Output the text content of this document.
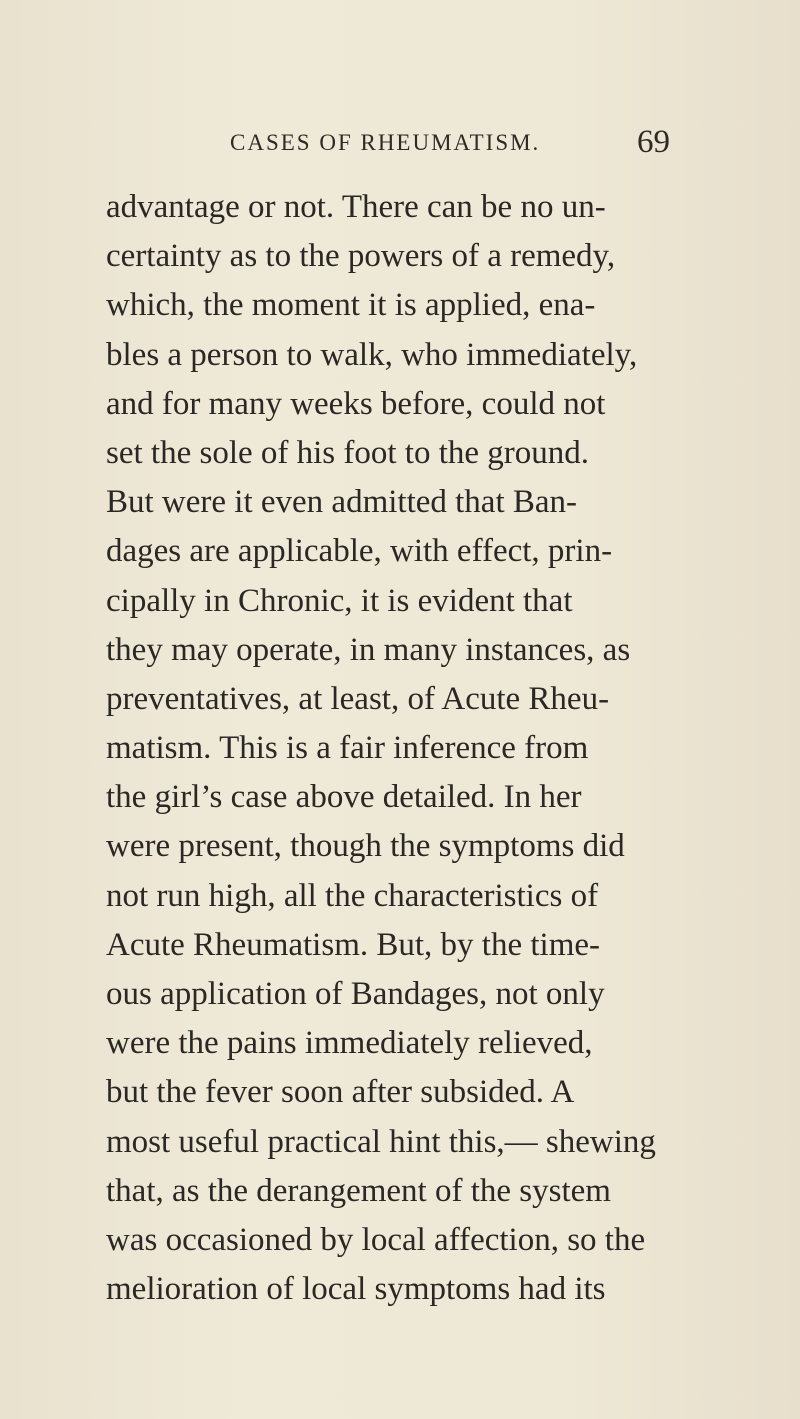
CASES OF RHEUMATISM.	69
advantage or not. There can be no un-
certainty as to the powers of a remedy,
which, the moment it is applied, ena-
bles a person to walk, who immediately,
and for many weeks before, could not
set the sole of his foot to the ground.
But were it even admitted that Ban-
dages are applicable, with effect, prin-
cipally in Chronic, it is evident that
they may operate, in many instances, as
preventatives, at least, of Acute Rheu-
matism. This is a fair inference from
the girl’s case above detailed. In her
were present, though the symptoms did
not run high, all the characteristics of
Acute Rheumatism. But, by the time-
ous application of Bandages, not only
were the pains immediately relieved,
but the fever soon after subsided. A
most useful practical hint this,— shewing
that, as the derangement of the system
was occasioned by local affection, so the
melioration of local symptoms had its
